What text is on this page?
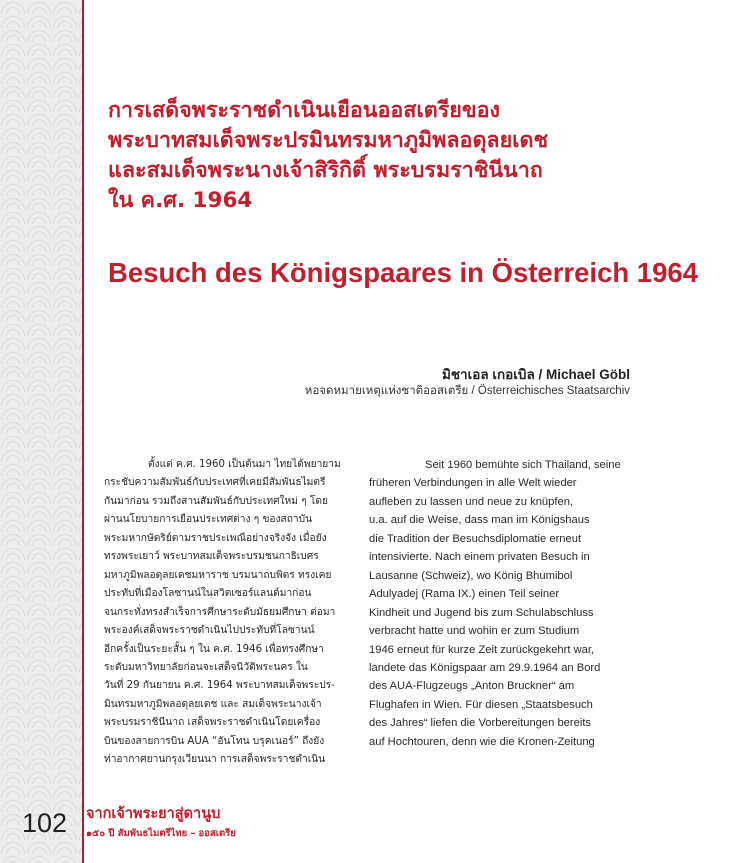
การเสด็จพระราชดำเนินเยือนออสเตรียของ
พระบาทสมเด็จพระปรมินทรมหาภูมิพลอดุลยเดช
และสมเด็จพระนางเจ้าสิริกิติ์ พระบรมราชินีนาถ
ใน ค.ศ. 1964
Besuch des Königspaares in Österreich 1964
มิชาเอล เกอเบิล / Michael Göbl
หอจดหมายเหตุแห่งชาติออสเตรีย / Österreichisches Staatsarchiv
ตั้งแต่ ค.ศ. 1960 เป็นต้นมา ไทยได้พยายาม
กระชับความสัมพันธ์กับประเทศที่เคยมีสัมพันธไมตรี
กันมาก่อน รวมถึงสานสัมพันธ์กับประเทศใหม่ ๆ โดย
ผ่านนโยบายการเยือนประเทศต่าง ๆ ของสถาบัน
พระมหากษัตริย์ตามราชประเพณีอย่างจริงจัง เมื่อยัง
ทรงพระเยาว์ พระบาทสมเด็จพระบรมชนกาธิเบศร
มหาภูมิพลอดุลยเดชมหาราช บรมนาถบพิตร ทรงเคย
ประทับที่เมืองโลซานน์ในสวิตเซอร์แลนด์มาก่อน
จนกระทั่งทรงสำเร็จการศึกษาระดับมัธยมศึกษา ต่อมา
พระองค์เสด็จพระราชดำเนินไปประทับที่โลซานน์
อีกครั้งเป็นระยะสั้น ๆ ใน ค.ศ. 1946 เพื่อทรงศึกษา
ระดับมหาวิทยาลัยก่อนจะเสด็จนิวัติพระนคร ใน
วันที่ 29 กันยายน ค.ศ. 1964 พระบาทสมเด็จพระปร-
มินทรมหาภูมิพลอดุลยเดช และ สมเด็จพระนางเจ้า
พระบรมราชินีนาถ เสด็จพระราชดำเนินโดยเครื่อง
บินของสายการบิน AUA “อันโทน บรุคเนอร์” ถึงยัง
ท่าอากาศยานกรุงเวียนนา การเสด็จพระราชดำเนิน
Seit 1960 bemühte sich Thailand, seine
früheren Verbindungen in alle Welt wieder
aufleben zu lassen und neue zu knüpfen,
u.a. auf die Weise, dass man im Königshaus
die Tradition der Besuchsdiplomatie erneut
intensivierte. Nach einem privaten Besuch in
Lausanne (Schweiz), wo König Bhumibol
Adulyadej (Rama IX.) einen Teil seiner
Kindheit und Jugend bis zum Schulabschluss
verbracht hatte und wohin er zum Studium
1946 erneut für kurze Zeit zurückgekehrt war,
landete das Königspaar am 29.9.1964 an Bord
des AUA-Flugzeugs „Anton Bruckner“ am
Flughafen in Wien. Für diesen „Staatsbesuch
des Jahres“ liefen die Vorbereitungen bereits
auf Hochtouren, denn wie die Kronen-Zeitung
102 จากเจ้าพระยาสู่ดานูบ
๑๕๐ ปี สัมพันธไมตรีไทย – ออสเตรีย
